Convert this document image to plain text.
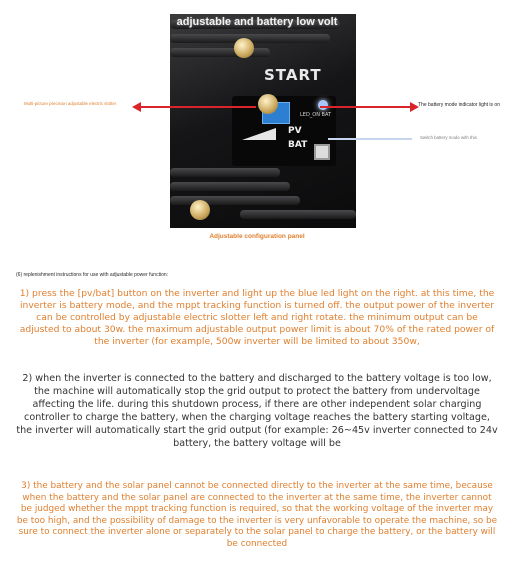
START
LED_ON BAT
PV
BAT
adjustable and battery low volt
Multi-picture precision adjustable electric slotter	The battery mode indicator light is on
Switch battery mode with this
Adjustable configuration panel
(6) replenishment instructions for use with adjustable power function:

1) press the [pv/bat] button on the inverter and light up the blue led light on the right. at this time, the inverter is battery mode, and the mppt tracking function is turned off. the output power of the inverter can be controlled by adjustable electric slotter left and right rotate. the minimum output can be adjusted to about 30w. the maximum adjustable output power limit is about 70% of the rated power of the inverter (for example, 500w inverter will be limited to about 350w,

2) when the inverter is connected to the battery and discharged to the battery voltage is too low, the machine will automatically stop the grid output to protect the battery from undervoltage affecting the life. during this shutdown process, if there are other independent solar charging controller to charge the battery, when the charging voltage reaches the battery starting voltage, the inverter will automatically start the grid output (for example: 26~45v inverter connected to 24v battery, the battery voltage will be

3) the battery and the solar panel cannot be connected directly to the inverter at the same time, because when the battery and the solar panel are connected to the inverter at the same time, the inverter cannot be judged whether the mppt tracking function is required, so that the working voltage of the inverter may be too high, and the possibility of damage to the inverter is very unfavorable to operate the machine, so be sure to connect the inverter alone or separately to the solar panel to charge the battery, or the battery will be connected
